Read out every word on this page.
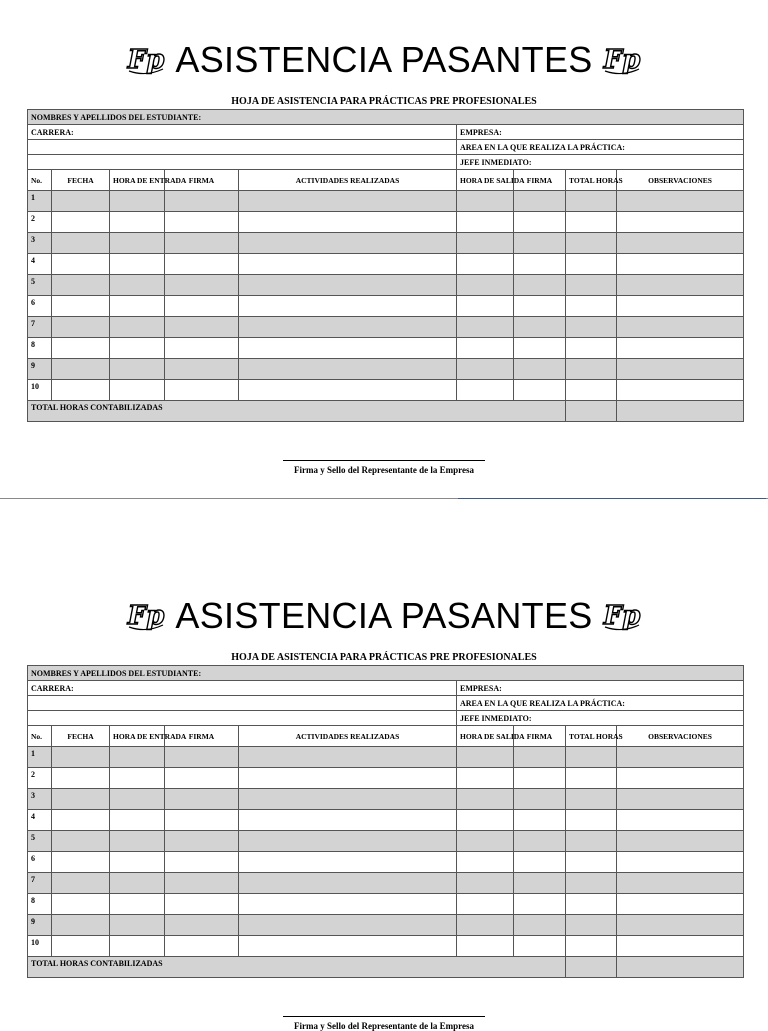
Fp ASISTENCIA PASANTES Fp
HOJA DE ASISTENCIA PARA PRÁCTICAS PRE PROFESIONALES
NOMBRES Y APELLIDOS DEL ESTUDIANTE:								
CARRERA:					EMPRESA:			
					AREA EN LA QUE REALIZA LA PRÁCTICA:			
					JEFE INMEDIATO:			
No.	FECHA	HORA DE ENTRADA	FIRMA	ACTIVIDADES REALIZADAS	HORA DE SALIDA	FIRMA	TOTAL HORAS	OBSERVACIONES
1								
2								
3								
4								
5								
6								
7								
8								
9								
10								
TOTAL HORAS CONTABILIZADAS								
Firma y Sello del Representante de la Empresa
Fp ASISTENCIA PASANTES Fp
HOJA DE ASISTENCIA PARA PRÁCTICAS PRE PROFESIONALES
NOMBRES Y APELLIDOS DEL ESTUDIANTE:								
CARRERA:					EMPRESA:			
					AREA EN LA QUE REALIZA LA PRÁCTICA:			
					JEFE INMEDIATO:			
No.	FECHA	HORA DE ENTRADA	FIRMA	ACTIVIDADES REALIZADAS	HORA DE SALIDA	FIRMA	TOTAL HORAS	OBSERVACIONES
1								
2								
3								
4								
5								
6								
7								
8								
9								
10								
TOTAL HORAS CONTABILIZADAS								
Firma y Sello del Representante de la Empresa
